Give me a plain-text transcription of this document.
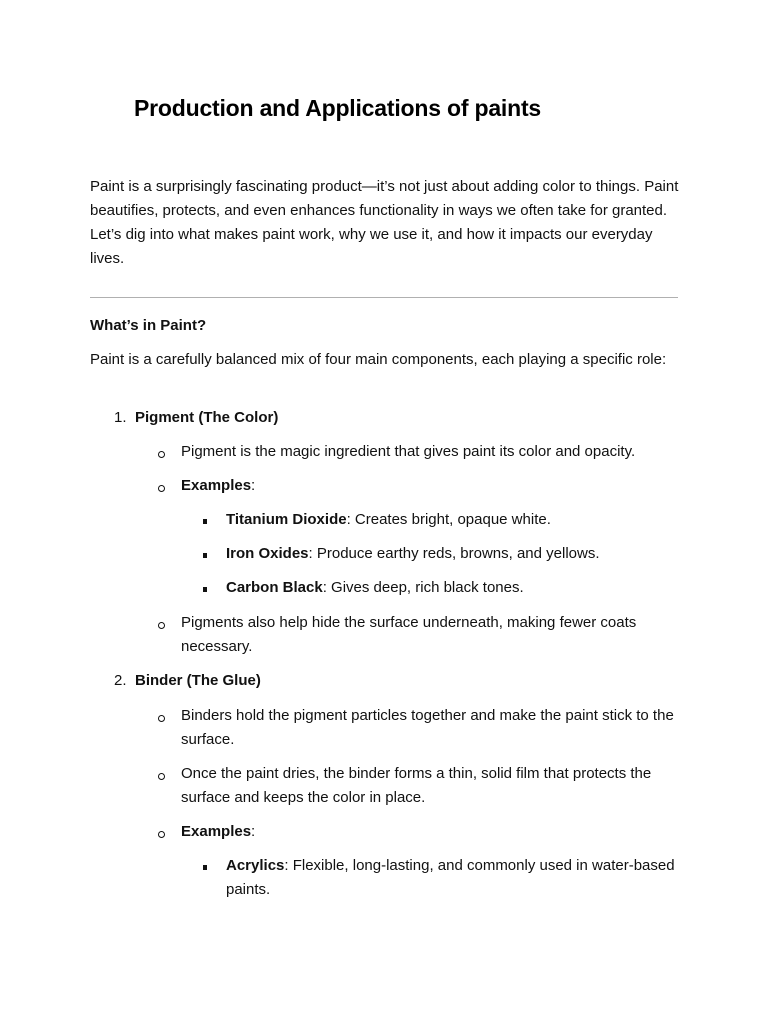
Production and Applications of paints

Paint is a surprisingly fascinating product—it’s not just about adding color to things. Paint beautifies, protects, and even enhances functionality in ways we often take for granted. Let’s dig into what makes paint work, why we use it, and how it impacts our everyday lives.

What’s in Paint?

Paint is a carefully balanced mix of four main components, each playing a specific role:

1. Pigment (The Color)

Pigment is the magic ingredient that gives paint its color and opacity.

Examples:

Titanium Dioxide: Creates bright, opaque white.

Iron Oxides: Produce earthy reds, browns, and yellows.

Carbon Black: Gives deep, rich black tones.

Pigments also help hide the surface underneath, making fewer coats necessary.

2. Binder (The Glue)

Binders hold the pigment particles together and make the paint stick to the surface.

Once the paint dries, the binder forms a thin, solid film that protects the surface and keeps the color in place.

Examples:

Acrylics: Flexible, long-lasting, and commonly used in water-based paints.
